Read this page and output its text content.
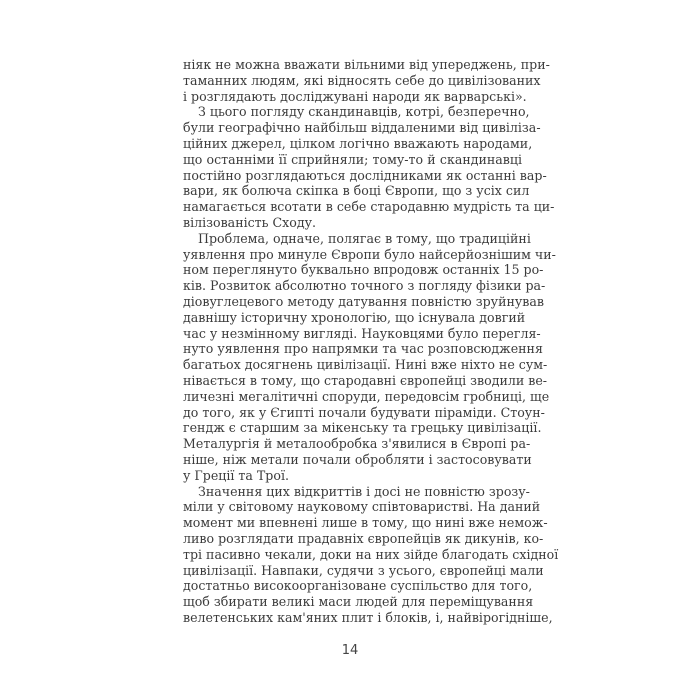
ніяк не можна вважати вільними від упереджень, при-
таманних людям, які відносять себе до цивілізованих
і розглядають досліджувані народи як варварські».
З цього погляду скандинавців, котрі, безперечно,
були географічно найбільш віддаленими від цивіліза-
ційних джерел, цілком логічно вважають народами,
що останніми її сприйняли; тому-то й скандинавці
постійно розглядаються дослідниками як останні вар-
вари, як болюча скіпка в боці Європи, що з усіх сил
намагається всотати в себе стародавню мудрість та ци-
вілізованість Сходу.
Проблема, одначе, полягає в тому, що традиційні
уявлення про минуле Європи було найсерйознішим чи-
ном переглянуто буквально впродовж останніх 15 ро-
ків. Розвиток абсолютно точного з погляду фізики ра-
діовуглецевого методу датування повністю зруйнував
давнішу історичну хронологію, що існувала довгий
час у незмінному вигляді. Науковцями було перегля-
нуто уявлення про напрямки та час розповсюдження
багатьох досягнень цивілізації. Нині вже ніхто не сум-
нівається в тому, що стародавні європейці зводили ве-
личезні мегалітичні споруди, передовсім гробниці, ще
до того, як у Єгипті почали будувати піраміди. Стоун-
гендж є старшим за мікенську та грецьку цивілізації.
Металургія й металообробка з'явилися в Європі ра-
ніше, ніж метали почали обробляти і застосовувати
у Греції та Трої.
Значення цих відкриттів і досі не повністю зрозу-
міли у світовому науковому співтоваристві. На даний
момент ми впевнені лише в тому, що нині вже немож-
ливо розглядати прадавніх європейців як дикунів, ко-
трі пасивно чекали, доки на них зійде благодать східної
цивілізації. Навпаки, судячи з усього, європейці мали
достатньо високоорганізоване суспільство для того,
щоб збирати великі маси людей для переміщування
велетенських кам'яних плит і блоків, і, найвірогідніше,
14
